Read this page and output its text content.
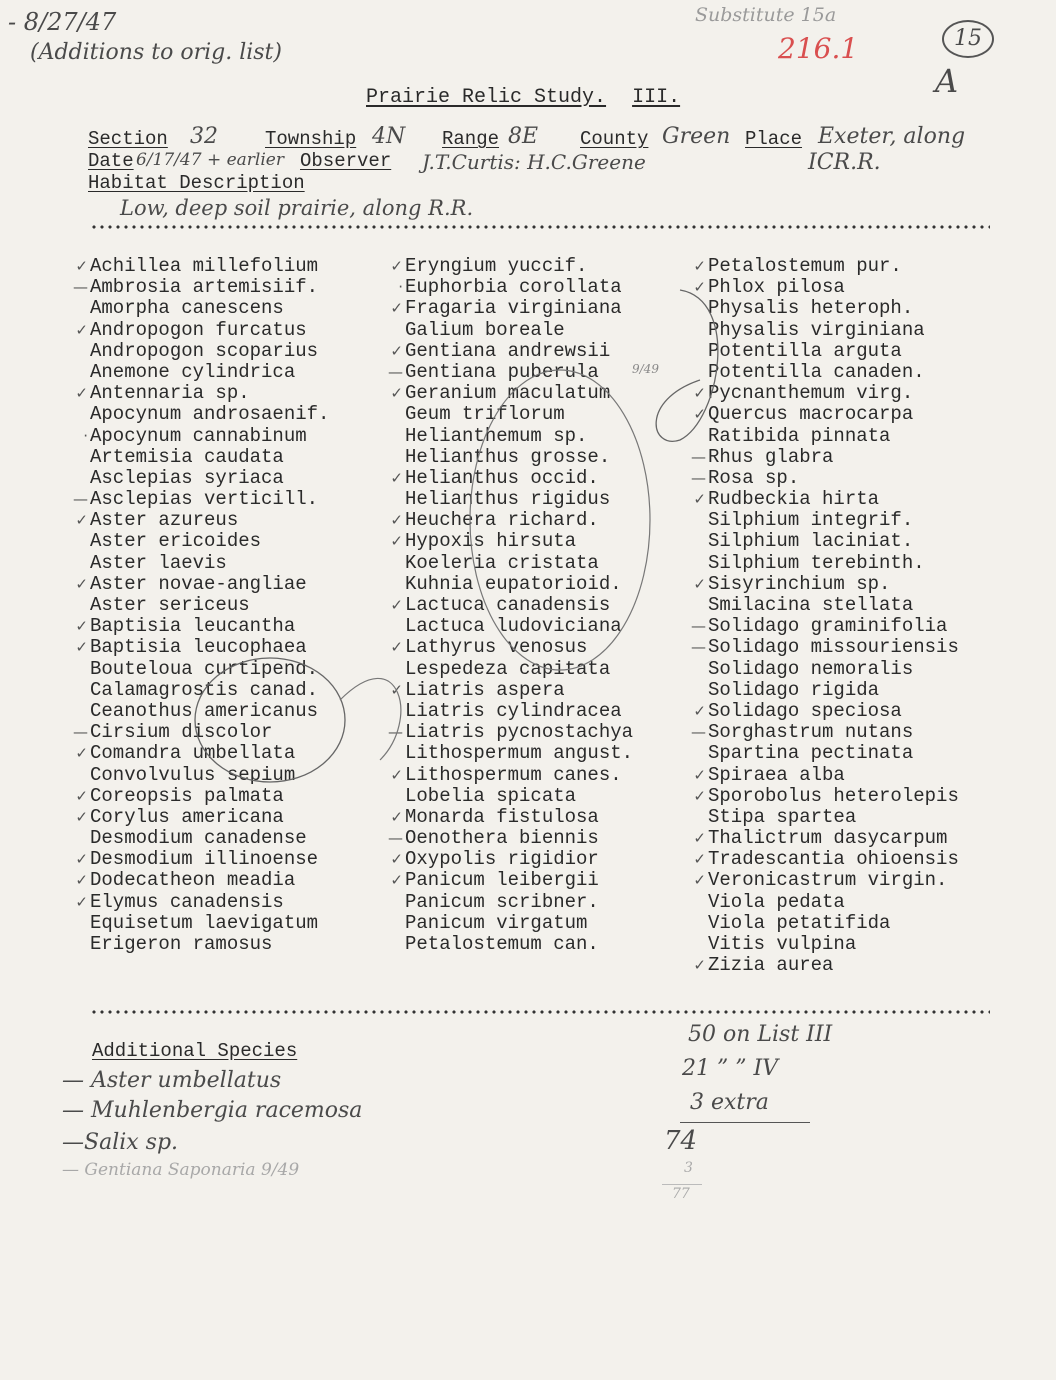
- 8/27/47
(Additions to orig. list)
Substitute 15a
216.1	15
A
Prairie Relic Study. III.
Section 32 Township 4N Range 8E County Green Place Exeter, along
ICR.R.
Date 6/17/47 + earlier Observer J.T.Curtis: H.C.Greene
Habitat Description
Low, deep soil prairie, along R.R.
✓ Achillea millefolium
— Ambrosia artemisiif.
Amorpha canescens
✓ Andropogon furcatus
Andropogon scoparius
Anemone cylindrica
✓ Antennaria sp.
Apocynum androsaenif.
· Apocynum cannabinum
Artemisia caudata
Asclepias syriaca
— Asclepias verticill.
✓ Aster azureus
Aster ericoides
Aster laevis
✓ Aster novae-angliae
Aster sericeus
✓ Baptisia leucantha
✓ Baptisia leucophaea
Bouteloua curtipend.
Calamagrostis canad.
Ceanothus americanus
— Cirsium discolor
✓ Comandra umbellata
Convolvulus sepium
✓ Coreopsis palmata
✓ Corylus americana
Desmodium canadense
✓ Desmodium illinoense
✓ Dodecatheon meadia
✓ Elymus canadensis
Equisetum laevigatum
Erigeron ramosus
✓ Eryngium yuccif.
· Euphorbia corollata
✓ Fragaria virginiana
Galium boreale
✓ Gentiana andrewsii
— Gentiana puberula
✓ Geranium maculatum
Geum triflorum
Helianthemum sp.
Helianthus grosse.
✓ Helianthus occid.
Helianthus rigidus
✓ Heuchera richard.
✓ Hypoxis hirsuta
Koeleria cristata
Kuhnia eupatorioid.
✓ Lactuca canadensis
Lactuca ludoviciana
✓ Lathyrus venosus
Lespedeza capitata
✓ Liatris aspera
Liatris cylindracea
— Liatris pycnostachya
Lithospermum angust.
✓ Lithospermum canes.
Lobelia spicata
✓ Monarda fistulosa
— Oenothera biennis
✓ Oxypolis rigidior
✓ Panicum leibergii
Panicum scribner.
Panicum virgatum
Petalostemum can.
✓ Petalostemum pur.
✓ Phlox pilosa
Physalis heteroph.
Physalis virginiana
Potentilla arguta
Potentilla canaden.
✓ Pycnanthemum virg.
✓ Quercus macrocarpa
Ratibida pinnata
— Rhus glabra
— Rosa sp.
✓ Rudbeckia hirta
Silphium integrif.
Silphium laciniat.
Silphium terebinth.
✓ Sisyrinchium sp.
Smilacina stellata
— Solidago graminifolia
— Solidago missouriensis
Solidago nemoralis
Solidago rigida
✓ Solidago speciosa
— Sorghastrum nutans
Spartina pectinata
✓ Spiraea alba
✓ Sporobolus heterolepis
Stipa spartea
✓ Thalictrum dasycarpum
✓ Tradescantia ohioensis
✓ Veronicastrum virgin.
Viola pedata
Viola petatifida
Vitis vulpina
✓ Zizia aurea
9/49
Additional Species
— Aster umbellatus
— Muhlenbergia racemosa
—Salix sp.
— Gentiana Saponaria 9/49
50 on List III
21 ” ” IV
3 extra
74
3
77
